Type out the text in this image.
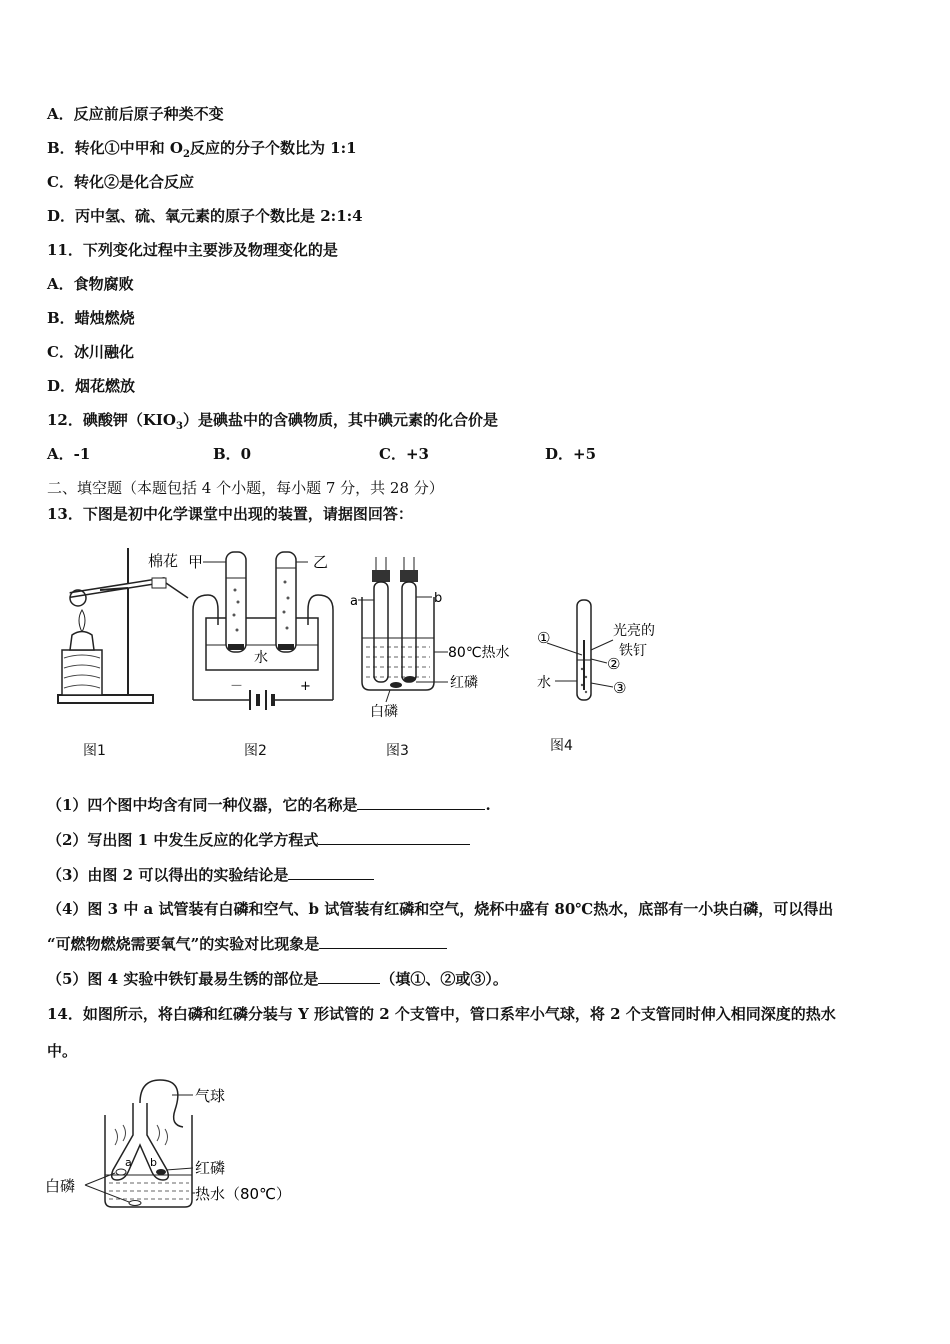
A．反应前后原子种类不变
B．转化①中甲和 $O_2$反应的分子个数比为 1:1
C．转化②是化合反应
D．丙中氢、硫、氧元素的原子个数比是 2:1:4
11．下列变化过程中主要涉及物理变化的是
A．食物腐败
B．蜡烛燃烧
C．冰川融化
D．烟花燃放
12．碘酸钾$(KIO_3)$是碘盐中的含碘物质，其中碘元素的化合价是
A．-1	B．0	C．+3	D．+5
二、填空题（本题包括 4 个小题，每小题 7 分，共 28 分）
13．下图是初中化学课堂中出现的装置，请据图回答：
棉花
图1
－	+
甲	乙
水
图2
a	b
80℃热水
红磷
白磷
图3
①
②
③
光亮的
铁钉
水
图4
（1）四个图中均含有同一种仪器，它的名称是	.
（2）写出图 1 中发生反应的化学方程式
（3）由图 2 可以得出的实验结论是
（4）图 3 中 a 试管装有白磷和空气、b 试管装有红磷和空气，烧杯中盛有 80℃热水，底部有一小块白磷，可以得出
“可燃物燃烧需要氧气”的实验对比现象是
（5）图 4 实验中铁钉最易生锈的部位是	（填①、②或③）。
14．如图所示，将白磷和红磷分装与 Y 形试管的 2 个支管中，管口系牢小气球，将 2 个支管同时伸入相同深度的热水
中。
a b
气球
红磷
白磷	热水（80℃）
